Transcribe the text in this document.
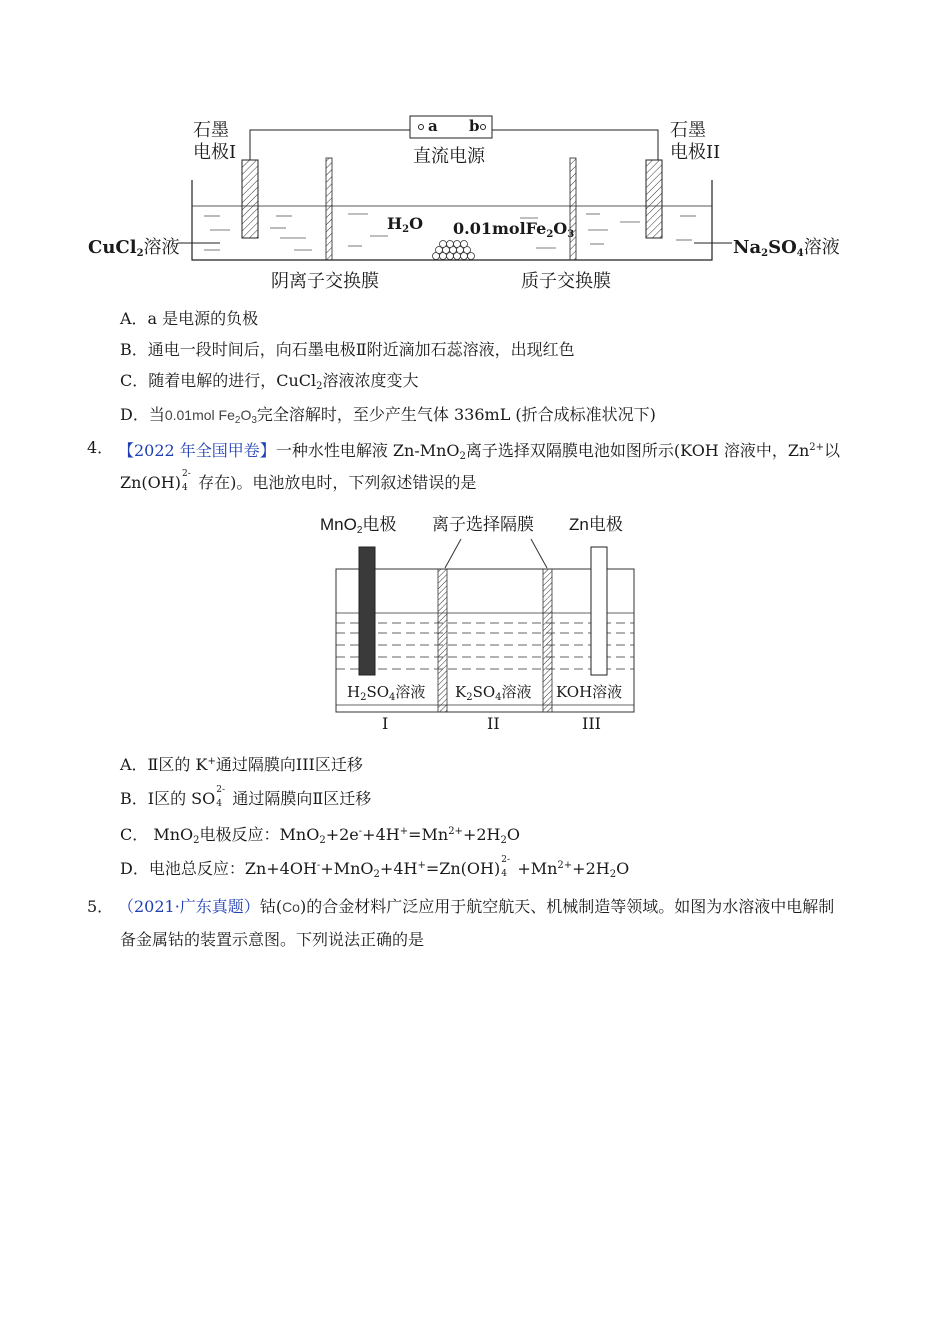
石墨
电极I
石墨
电极II
a b
直流电源
CuCl$_2$溶液	$Na_2SO_4$溶液
$H_2O$ $0.01molFe_2O_3$
阴离子交换膜	质子交换膜
A．a 是电源的负极
B．通电一段时间后，向石墨电极Ⅱ附近滴加石蕊溶液，出现红色
C．随着电解的进行，CuCl$_2$溶液浓度变大
D．当0.01mol $Fe_2O_3$完全溶解时，至少产生气体 336mL (折合成标准状况下)
4． 【2022 年全国甲卷】一种水性电解液 Zn-MnO$_2$离子选择双隔膜电池如图所示(KOH 溶液中，$Zn^{2+}$以
Zn(OH) 2-
4 存在)。电池放电时，下列叙述错误的是
MnO$_2$电极 离子选择隔膜 Zn电极
$H_2SO_4$溶液 $K_2SO_4$溶液 KOH溶液
I	II	III
A．Ⅱ区的 K+通过隔膜向III区迁移
B．Ⅰ区的 SO 2-
4 通过隔膜向Ⅱ区迁移
C． MnO$_2$电极反应：$MnO_2+2e^-+4H^+=Mn^{2+}+2H_2O$
D．电池总反应：Zn+4OH-+MnO$_2$+4H+=Zn(OH) 2-
$4 +Mn^{2+}+2H_2O$
5． （2021·广东真题）钴(Co)的合金材料广泛应用于航空航天、机械制造等领域。如图为水溶液中电解制
备金属钴的装置示意图。下列说法正确的是
